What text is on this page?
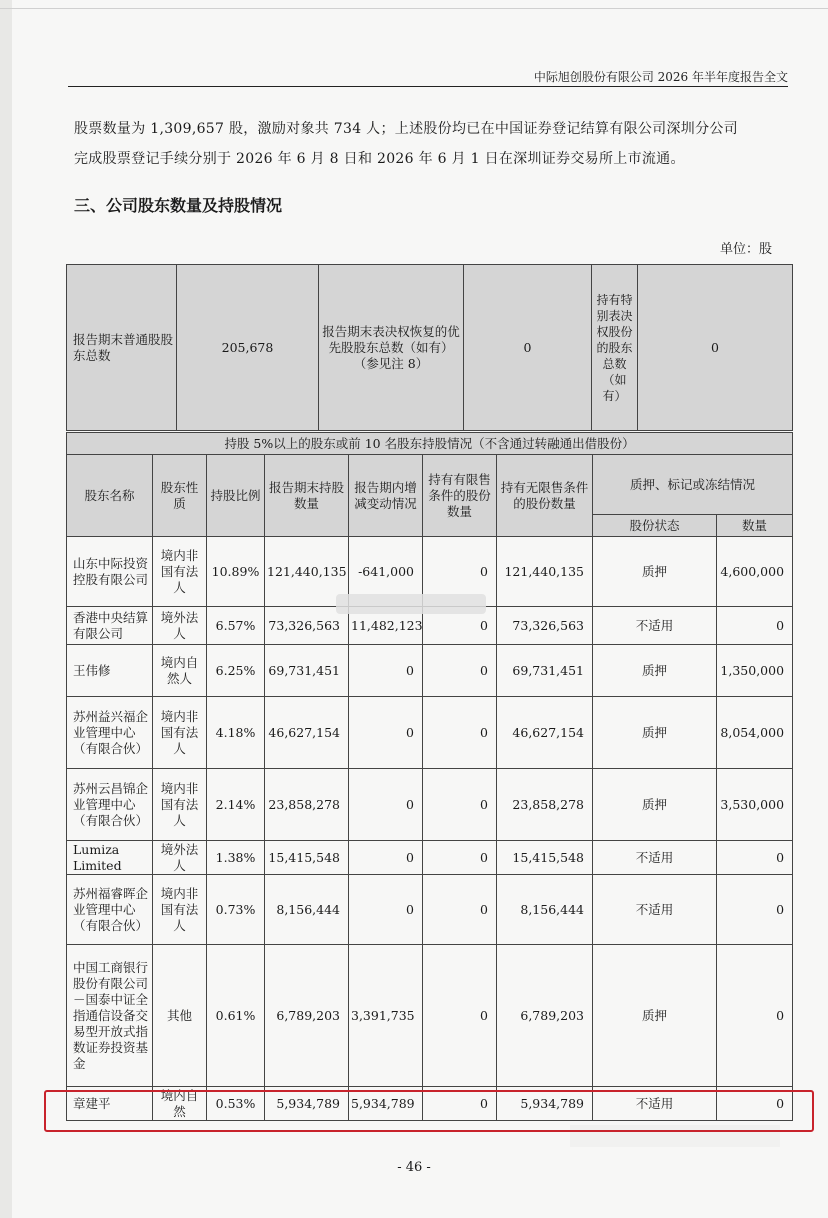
中际旭创股份有限公司 2026 年半年度报告全文
股票数量为 1,309,657 股，激励对象共 734 人；上述股份均已在中国证券登记结算有限公司深圳分公司
完成股票登记手续分别于 2026 年 6 月 8 日和 2026 年 6 月 1 日在深圳证券交易所上市流通。
三、公司股东数量及持股情况
单位：股
报告期末普通股股东总数	205,678	报告期末表决权恢复的优先股股东总数（如有）（参见注 8）	0	持有特别表决权股份的股东总数（如有）	0
持股 5%以上的股东或前 10 名股东持股情况（不含通过转融通出借股份）								
股东名称	股东性质	持股比例	报告期末持股数量	报告期内增减变动情况	持有有限售条件的股份数量	持有无限售条件的股份数量	质押、标记或冻结情况	
							股份状态	数量
山东中际投资控股有限公司	境内非国有法人	10.89%	121,440,135	-641,000	0	121,440,135	质押	4,600,000
香港中央结算有限公司	境外法人	6.57%	73,326,563	11,482,123	0	73,326,563	不适用	0
王伟修	境内自然人	6.25%	69,731,451	0	0	69,731,451	质押	1,350,000
苏州益兴福企业管理中心（有限合伙）	境内非国有法人	4.18%	46,627,154	0	0	46,627,154	质押	8,054,000
苏州云昌锦企业管理中心（有限合伙）	境内非国有法人	2.14%	23,858,278	0	0	23,858,278	质押	3,530,000
Lumiza Limited	境外法人	1.38%	15,415,548	0	0	15,415,548	不适用	0
苏州福睿晖企业管理中心（有限合伙）	境内非国有法人	0.73%	8,156,444	0	0	8,156,444	不适用	0
中国工商银行股份有限公司－国泰中证全指通信设备交易型开放式指数证券投资基金	其他	0.61%	6,789,203	3,391,735	0	6,789,203	质押	0
章建平	境内自然	0.53%	5,934,789	5,934,789	0	5,934,789	不适用	0
- 46 -
